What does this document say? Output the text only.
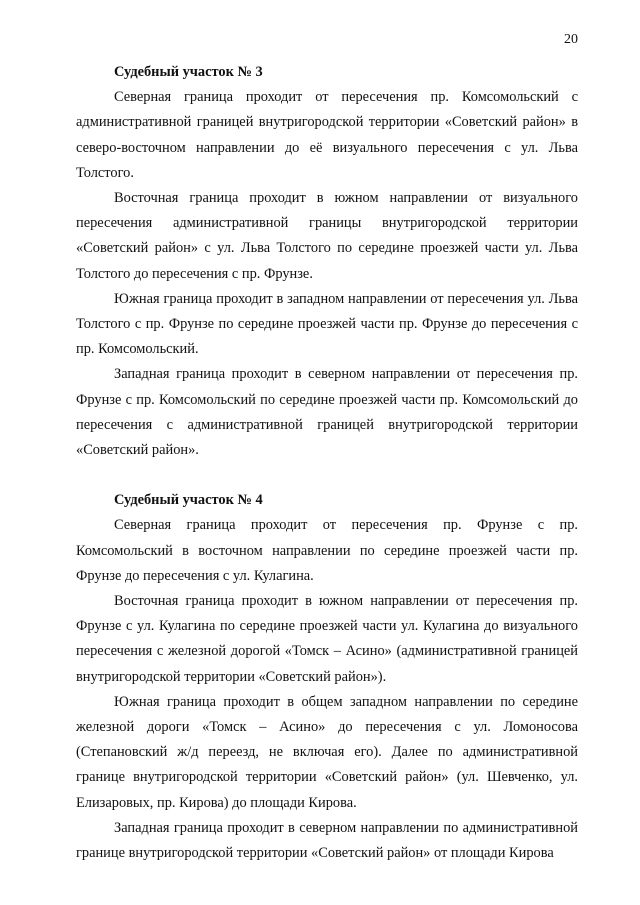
20

Судебный участок № 3

Северная граница проходит от пересечения пр. Комсомольский с административной границей внутригородской территории «Советский район» в северо-восточном направлении до её визуального пересечения с ул. Льва Толстого.

Восточная граница проходит в южном направлении от визуального пересечения административной границы внутригородской территории «Советский район» с ул. Льва Толстого по середине проезжей части ул. Льва Толстого до пересечения с пр. Фрунзе.

Южная граница проходит в западном направлении от пересечения ул. Льва Толстого с пр. Фрунзе по середине проезжей части пр. Фрунзе до пересечения с пр. Комсомольский.

Западная граница проходит в северном направлении от пересечения пр. Фрунзе с пр. Комсомольский по середине проезжей части пр. Комсомольский до пересечения с административной границей внутригородской территории «Советский район».

Судебный участок № 4

Северная граница проходит от пересечения пр. Фрунзе с пр. Комсомольский в восточном направлении по середине проезжей части пр. Фрунзе до пересечения с ул. Кулагина.

Восточная граница проходит в южном направлении от пересечения пр. Фрунзе с ул. Кулагина по середине проезжей части ул. Кулагина до визуального пересечения с железной дорогой «Томск – Асино» (административной границей внутригородской территории «Советский район»).

Южная граница проходит в общем западном направлении по середине железной дороги «Томск – Асино» до пересечения с ул. Ломоносова (Степановский ж/д переезд, не включая его). Далее по административной границе внутригородской территории «Советский район» (ул. Шевченко, ул. Елизаровых, пр. Кирова) до площади Кирова.

Западная граница проходит в северном направлении по административной границе внутригородской территории «Советский район» от площади Кирова
